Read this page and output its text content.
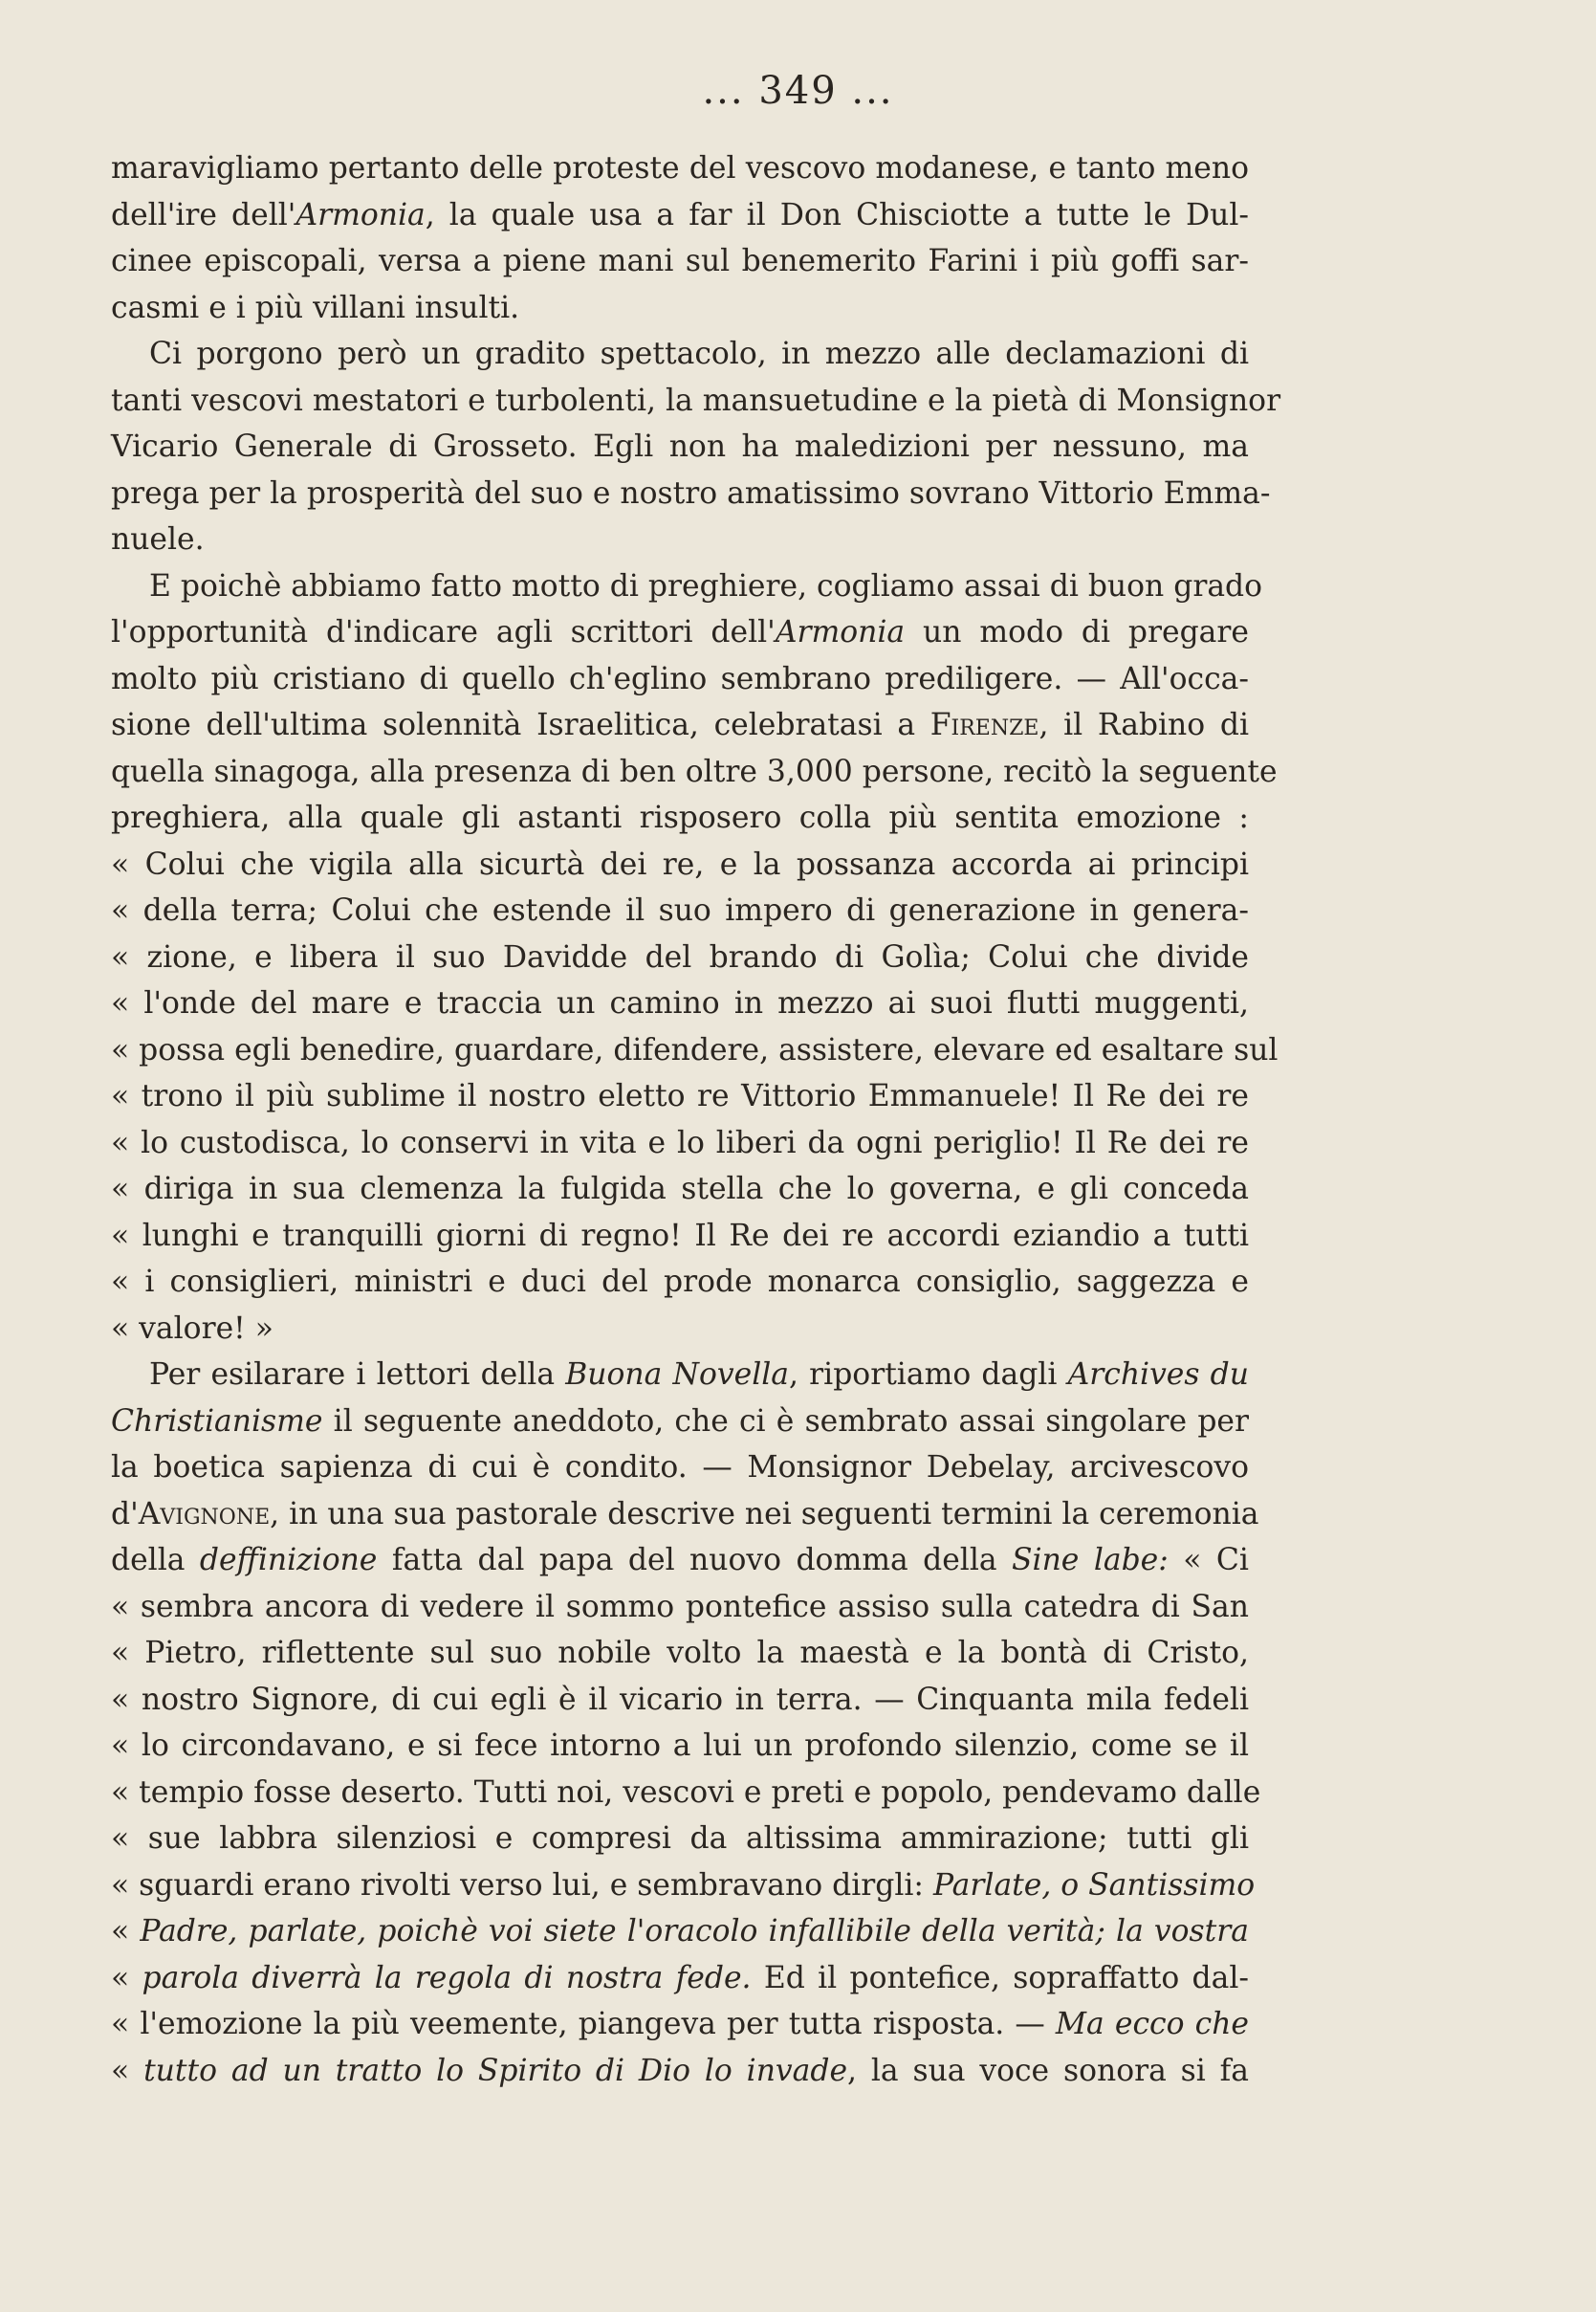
... 349 ...
maravigliamo pertanto delle proteste del vescovo modanese, e tanto meno
dell'ire dell'Armonia, la quale usa a far il Don Chisciotte a tutte le Dul-
cinee episcopali, versa a piene mani sul benemerito Farini i più goffi sar-
casmi e i più villani insulti.
Ci porgono però un gradito spettacolo, in mezzo alle declamazioni di
tanti vescovi mestatori e turbolenti, la mansuetudine e la pietà di Monsignor
Vicario Generale di Grosseto. Egli non ha maledizioni per nessuno, ma
prega per la prosperità del suo e nostro amatissimo sovrano Vittorio Emma-
nuele.
E poichè abbiamo fatto motto di preghiere, cogliamo assai di buon grado
l'opportunità d'indicare agli scrittori dell'Armonia un modo di pregare
molto più cristiano di quello ch'eglino sembrano prediligere. — All'occa-
sione dell'ultima solennità Israelitica, celebratasi a Firenze, il Rabino di
quella sinagoga, alla presenza di ben oltre 3,000 persone, recitò la seguente
preghiera, alla quale gli astanti risposero colla più sentita emozione :
« Colui che vigila alla sicurtà dei re, e la possanza accorda ai principi
« della terra; Colui che estende il suo impero di generazione in genera-
« zione, e libera il suo Davidde del brando di Golìa; Colui che divide
« l'onde del mare e traccia un camino in mezzo ai suoi flutti muggenti,
« possa egli benedire, guardare, difendere, assistere, elevare ed esaltare sul
« trono il più sublime il nostro eletto re Vittorio Emmanuele! Il Re dei re
« lo custodisca, lo conservi in vita e lo liberi da ogni periglio! Il Re dei re
« diriga in sua clemenza la fulgida stella che lo governa, e gli conceda
« lunghi e tranquilli giorni di regno! Il Re dei re accordi eziandio a tutti
« i consiglieri, ministri e duci del prode monarca consiglio, saggezza e
« valore! »
Per esilarare i lettori della Buona Novella, riportiamo dagli Archives du
Christianisme il seguente aneddoto, che ci è sembrato assai singolare per
la boetica sapienza di cui è condito. — Monsignor Debelay, arcivescovo
d'Avignone, in una sua pastorale descrive nei seguenti termini la ceremonia
della deffinizione fatta dal papa del nuovo domma della Sine labe: « Ci
« sembra ancora di vedere il sommo pontefice assiso sulla catedra di San
« Pietro, riflettente sul suo nobile volto la maestà e la bontà di Cristo,
« nostro Signore, di cui egli è il vicario in terra. — Cinquanta mila fedeli
« lo circondavano, e si fece intorno a lui un profondo silenzio, come se il
« tempio fosse deserto. Tutti noi, vescovi e preti e popolo, pendevamo dalle
« sue labbra silenziosi e compresi da altissima ammirazione; tutti gli
« sguardi erano rivolti verso lui, e sembravano dirgli: Parlate, o Santissimo
« Padre, parlate, poichè voi siete l'oracolo infallibile della verità; la vostra
« parola diverrà la regola di nostra fede. Ed il pontefice, sopraffatto dal-
« l'emozione la più veemente, piangeva per tutta risposta. — Ma ecco che
« tutto ad un tratto lo Spirito di Dio lo invade, la sua voce sonora si fa
